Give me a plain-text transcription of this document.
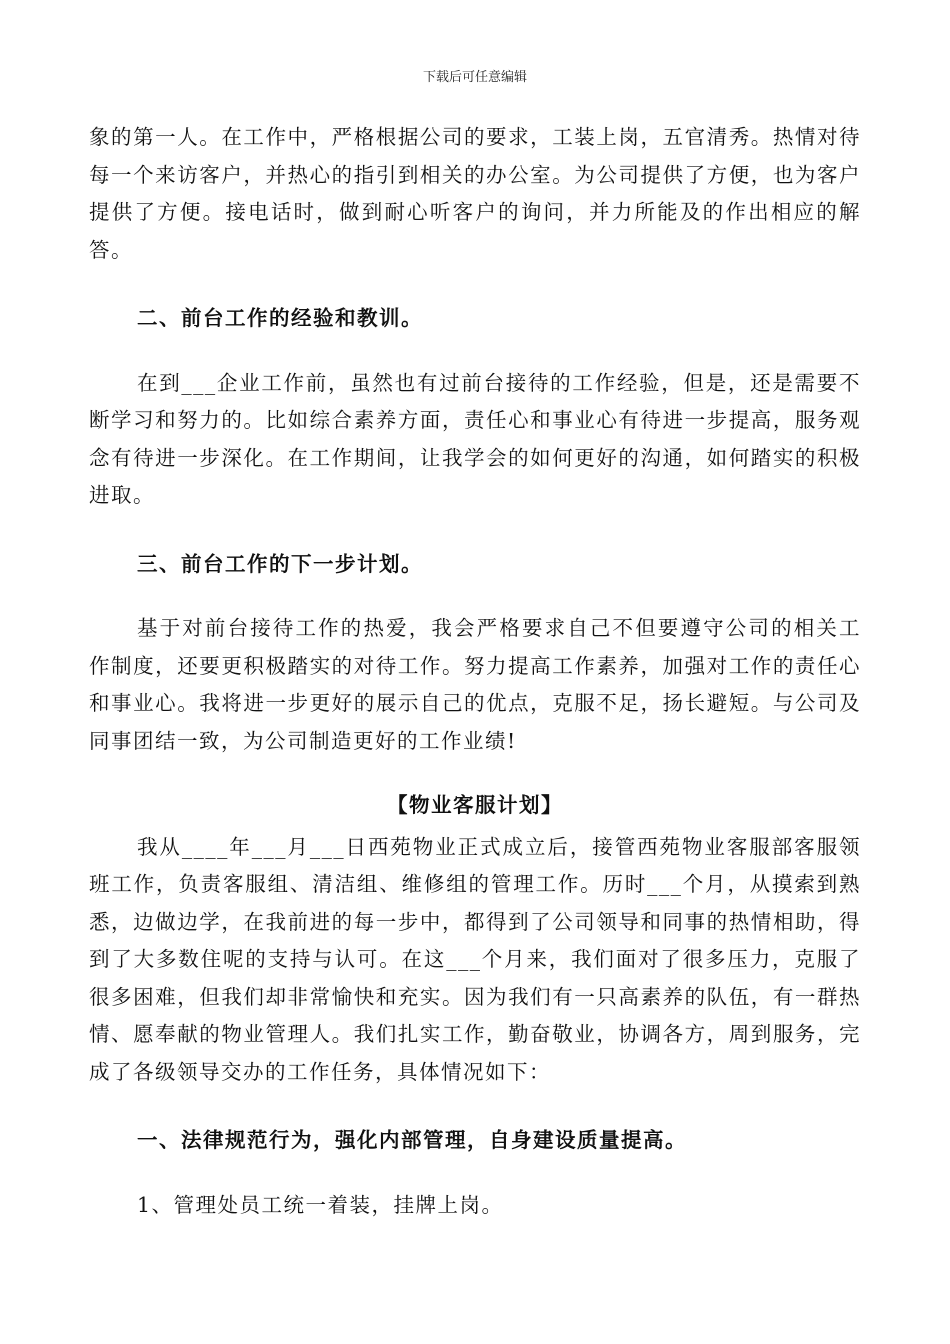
下载后可任意编辑

象的第一人。在工作中，严格根据公司的要求，工装上岗，五官清秀。热情对待每一个来访客户，并热心的指引到相关的办公室。为公司提供了方便，也为客户提供了方便。接电话时，做到耐心听客户的询问，并力所能及的作出相应的解答。

二、前台工作的经验和教训。

在到___企业工作前，虽然也有过前台接待的工作经验，但是，还是需要不断学习和努力的。比如综合素养方面，责任心和事业心有待进一步提高，服务观念有待进一步深化。在工作期间，让我学会的如何更好的沟通，如何踏实的积极进取。

三、前台工作的下一步计划。

基于对前台接待工作的热爱，我会严格要求自己不但要遵守公司的相关工作制度，还要更积极踏实的对待工作。努力提高工作素养，加强对工作的责任心和事业心。我将进一步更好的展示自己的优点，克服不足，扬长避短。与公司及同事团结一致，为公司制造更好的工作业绩!

【物业客服计划】

我从____年___月___日西苑物业正式成立后，接管西苑物业客服部客服领班工作，负责客服组、清洁组、维修组的管理工作。历时___个月，从摸索到熟悉，边做边学，在我前进的每一步中，都得到了公司领导和同事的热情相助，得到了大多数住呢的支持与认可。在这___个月来，我们面对了很多压力，克服了很多困难，但我们却非常愉快和充实。因为我们有一只高素养的队伍，有一群热情、愿奉献的物业管理人。我们扎实工作，勤奋敬业，协调各方，周到服务，完成了各级领导交办的工作任务，具体情况如下：

一、法律规范行为，强化内部管理，自身建设质量提高。

1、管理处员工统一着装，挂牌上岗。
